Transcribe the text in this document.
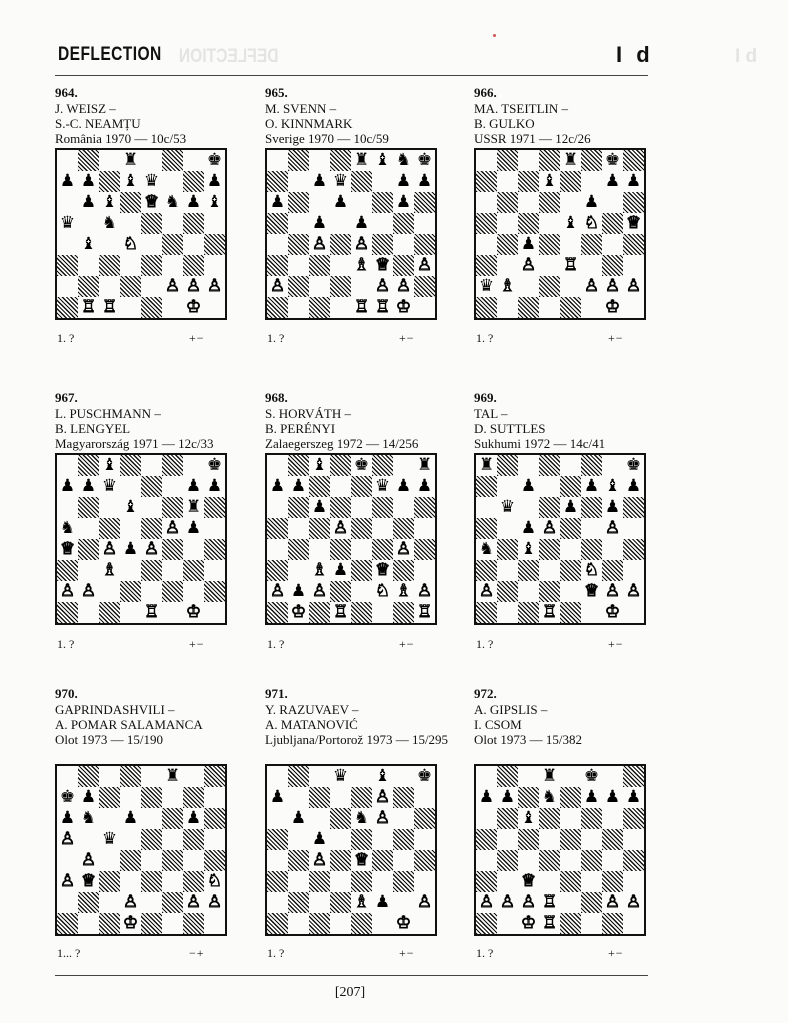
DEFLECTION DEFLECTION	I d
I d
964.
J. WEISZ –
S.-C. NEAMȚU
România 1970 — 10c/53
♜	♚
♟ ♟ ♝ ♛	♟
♟ ♝ ♕ ♞ ♟ ♝
♛ ♞
♝ ♘
♙ ♙ ♙
♖ ♖	♔
1. ?	+−
965.
M. SVENN –
O. KINNMARK
Sverige 1970 — 10c/59
♜ ♝ ♞ ♚
♟ ♛	♟ ♟
♟	♟	♟
♟ ♟
♙ ♙
♗ ♕ ♙
♙	♙ ♙
♖ ♖ ♔
1. ?	+−
966.
MA. TSEITLIN –
B. GULKO
USSR 1971 — 12c/26
♜ ♚
♝	♟ ♟
♟
♝ ♘ ♕
♟
♙ ♖
♛ ♗	♙ ♙ ♙
♔
1. ?	+−
967.
L. PUSCHMANN –
B. LENGYEL
Magyarország 1971 — 12c/33
♝	♚
♟ ♟ ♛	♟ ♟
♝	♜
♞	♙ ♟
♕ ♙ ♟ ♙
♗
♙ ♙
♖ ♔
1. ?	+−
968.
S. HORVÁTH –
B. PERÉNYI
Zalaegerszeg 1972 — 14/256
♝ ♚	♜
♟ ♟	♛ ♟ ♟
♟
♙
♙
♗ ♟ ♕
♙ ♟ ♙	♘ ♗ ♙
♔ ♖	♖
1. ?	+−
969.
TAL –
D. SUTTLES
Sukhumi 1972 — 14c/41
♜	♚
♟	♟ ♝ ♟
♛	♟ ♟
♟ ♙	♙
♞ ♝
♘
♙	♕ ♙ ♙
♖	♔
1. ?	+−
970.
GAPRINDASHVILI –
A. POMAR SALAMANCA
Olot 1973 — 15/190
♜
♚ ♟
♟ ♞ ♟	♟
♙ ♛
♙
♙ ♕	♘
♙	♙ ♙
♔
1... ?	−+
971.
Y. RAZUVAEV –
A. MATANOVIĆ
Ljubljana/Portorož 1973 — 15/295
♛ ♝ ♚
♟	♙
♟	♞ ♙
♟
♙ ♕
♗ ♟ ♙
♔
1. ?	+−
972.
A. GIPSLIS –
I. CSOM
Olot 1973 — 15/382
♜ ♚
♟ ♟ ♞ ♟ ♟ ♟
♝
♕
♙ ♙ ♙ ♖	♙ ♙
♔ ♖
1. ?	+−
[207]
